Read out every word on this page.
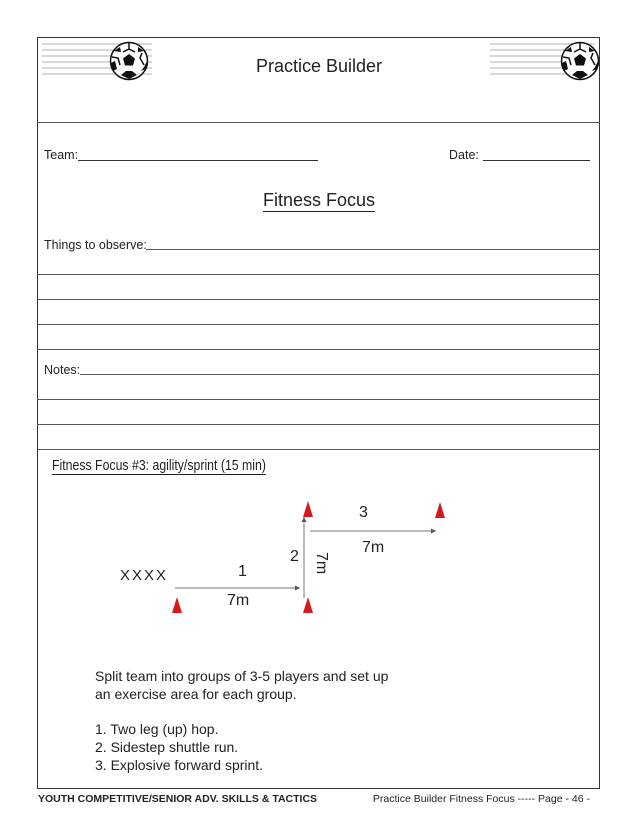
Practice Builder
Team:	Date:
Fitness Focus
Things to observe:
Notes:
Fitness Focus #3: agility/sprint (15 min)
XXXX	1
7m
2 7m
3
7m
Split team into groups of 3-5 players and set up
an exercise area for each group.
1. Two leg (up) hop.
2. Sidestep shuttle run.
3. Explosive forward sprint.
YOUTH COMPETITIVE/SENIOR ADV. SKILLS & TACTICS	Practice Builder Fitness Focus ----- Page - 46 -
